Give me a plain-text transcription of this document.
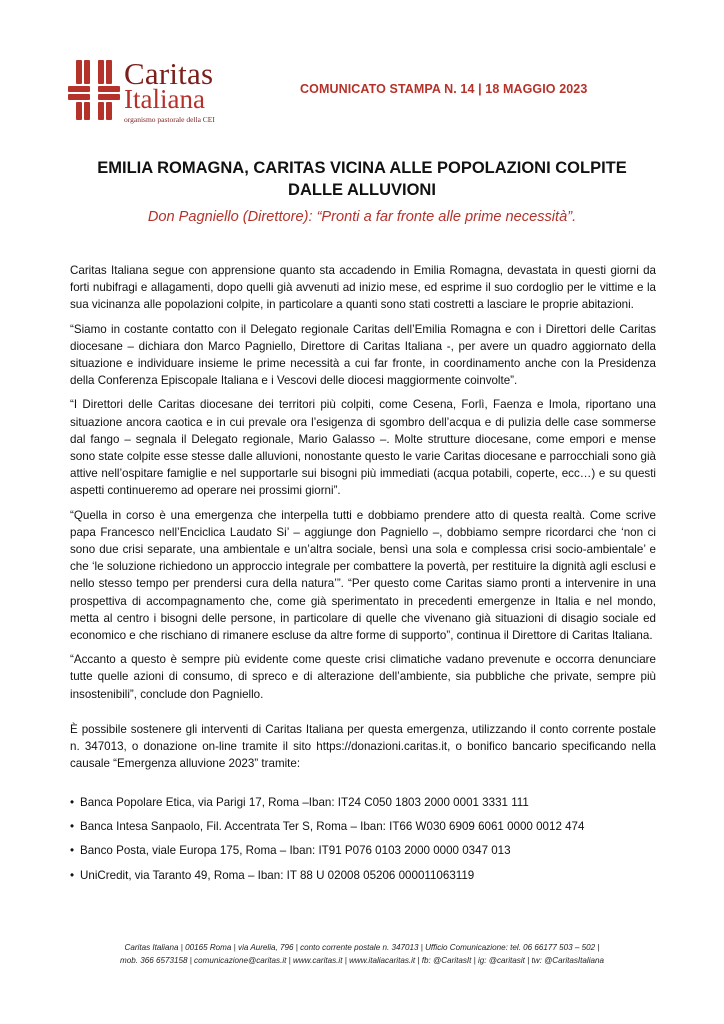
Caritas
Italiana
organismo pastorale della CEI
COMUNICATO STAMPA N. 14 | 18 MAGGIO 2023
EMILIA ROMAGNA, CARITAS VICINA ALLE POPOLAZIONI COLPITE DALLE ALLUVIONI
Don Pagniello (Direttore): “Pronti a far fronte alle prime necessità”.

Caritas Italiana segue con apprensione quanto sta accadendo in Emilia Romagna, devastata in questi giorni da forti nubifragi e allagamenti, dopo quelli già avvenuti ad inizio mese, ed esprime il suo cordoglio per le vittime e la sua vicinanza alle popolazioni colpite, in particolare a quanti sono stati costretti a lasciare le proprie abitazioni.

“Siamo in costante contatto con il Delegato regionale Caritas dell’Emilia Romagna e con i Direttori delle Caritas diocesane – dichiara don Marco Pagniello, Direttore di Caritas Italiana -, per avere un quadro aggiornato della situazione e individuare insieme le prime necessità a cui far fronte, in coordinamento anche con la Presidenza della Conferenza Episcopale Italiana e i Vescovi delle diocesi maggiormente coinvolte”.

“I Direttori delle Caritas diocesane dei territori più colpiti, come Cesena, Forlì, Faenza e Imola, riportano una situazione ancora caotica e in cui prevale ora l’esigenza di sgombro dell’acqua e di pulizia delle case sommerse dal fango – segnala il Delegato regionale, Mario Galasso –. Molte strutture diocesane, come empori e mense sono state colpite esse stesse dalle alluvioni, nonostante questo le varie Caritas diocesane e parrocchiali sono già attive nell’ospitare famiglie e nel supportarle sui bisogni più immediati (acqua potabili, coperte, ecc…) e su questi aspetti continueremo ad operare nei prossimi giorni”.

“Quella in corso è una emergenza che interpella tutti e dobbiamo prendere atto di questa realtà. Come scrive papa Francesco nell’Enciclica Laudato Si’ – aggiunge don Pagniello –, dobbiamo sempre ricordarci che ‘non ci sono due crisi separate, una ambientale e un’altra sociale, bensì una sola e complessa crisi socio-ambientale’ e che ‘le soluzione richiedono un approccio integrale per combattere la povertà, per restituire la dignità agli esclusi e nello stesso tempo per prendersi cura della natura’”. “Per questo come Caritas siamo pronti a intervenire in una prospettiva di accompagnamento che, come già sperimentato in precedenti emergenze in Italia e nel mondo, metta al centro i bisogni delle persone, in particolare di quelle che vivenano già situazioni di disagio sociale ed economico e che rischiano di rimanere escluse da altre forme di supporto”, continua il Direttore di Caritas Italiana.

“Accanto a questo è sempre più evidente come queste crisi climatiche vadano prevenute e occorra denunciare tutte quelle azioni di consumo, di spreco e di alterazione dell’ambiente, sia pubbliche che private, sempre più insostenibili”, conclude don Pagniello.

È possibile sostenere gli interventi di Caritas Italiana per questa emergenza, utilizzando il conto corrente postale n. 347013, o donazione on-line tramite il sito https://donazioni.caritas.it, o bonifico bancario specificando nella causale “Emergenza alluvione 2023” tramite:

• Banca Popolare Etica, via Parigi 17, Roma –Iban: IT24 C050 1803 2000 0001 3331 111
• Banca Intesa Sanpaolo, Fil. Accentrata Ter S, Roma – Iban: IT66 W030 6909 6061 0000 0012 474
• Banco Posta, viale Europa 175, Roma – Iban: IT91 P076 0103 2000 0000 0347 013
• UniCredit, via Taranto 49, Roma – Iban: IT 88 U 02008 05206 000011063119
Caritas Italiana | 00165 Roma | via Aurelia, 796 | conto corrente postale n. 347013 | Ufficio Comunicazione: tel. 06 66177 503 – 502 |
mob. 366 6573158 | comunicazione@caritas.it | www.caritas.it | www.italiacaritas.it | fb: @CaritasIt | ig: @caritasit | tw: @CaritasItaliana
